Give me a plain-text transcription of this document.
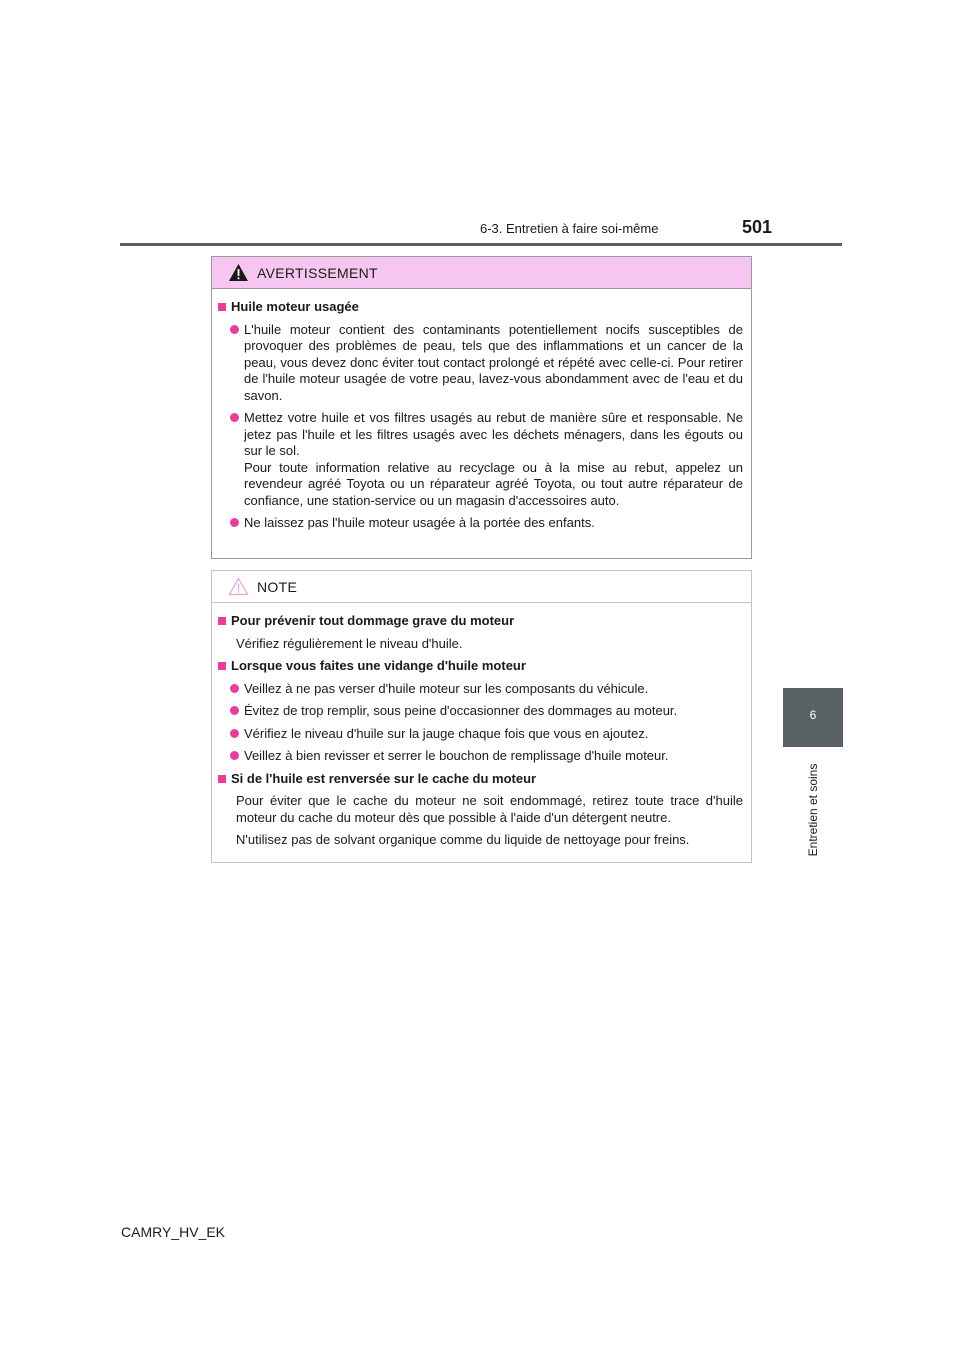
6-3. Entretien à faire soi-même	501
6
Entretien et soins
AVERTISSEMENT
Huile moteur usagée
L'huile moteur contient des contaminants potentiellement nocifs susceptibles de provoquer des problèmes de peau, tels que des inflammations et un cancer de la peau, vous devez donc éviter tout contact prolongé et répété avec celle-ci. Pour retirer de l'huile moteur usagée de votre peau, lavez-vous abondamment avec de l'eau et du savon.
Mettez votre huile et vos filtres usagés au rebut de manière sûre et responsable. Ne jetez pas l'huile et les filtres usagés avec les déchets ménagers, dans les égouts ou sur le sol.
Pour toute information relative au recyclage ou à la mise au rebut, appelez un revendeur agréé Toyota ou un réparateur agréé Toyota, ou tout autre réparateur de confiance, une station-service ou un magasin d'accessoires auto.
Ne laissez pas l'huile moteur usagée à la portée des enfants.
NOTE
Pour prévenir tout dommage grave du moteur
Vérifiez régulièrement le niveau d'huile.
Lorsque vous faites une vidange d'huile moteur
Veillez à ne pas verser d'huile moteur sur les composants du véhicule.
Évitez de trop remplir, sous peine d'occasionner des dommages au moteur.
Vérifiez le niveau d'huile sur la jauge chaque fois que vous en ajoutez.
Veillez à bien revisser et serrer le bouchon de remplissage d'huile moteur.
Si de l'huile est renversée sur le cache du moteur
Pour éviter que le cache du moteur ne soit endommagé, retirez toute trace d'huile moteur du cache du moteur dès que possible à l'aide d'un détergent neutre.
N'utilisez pas de solvant organique comme du liquide de nettoyage pour freins.
CAMRY_HV_EK
